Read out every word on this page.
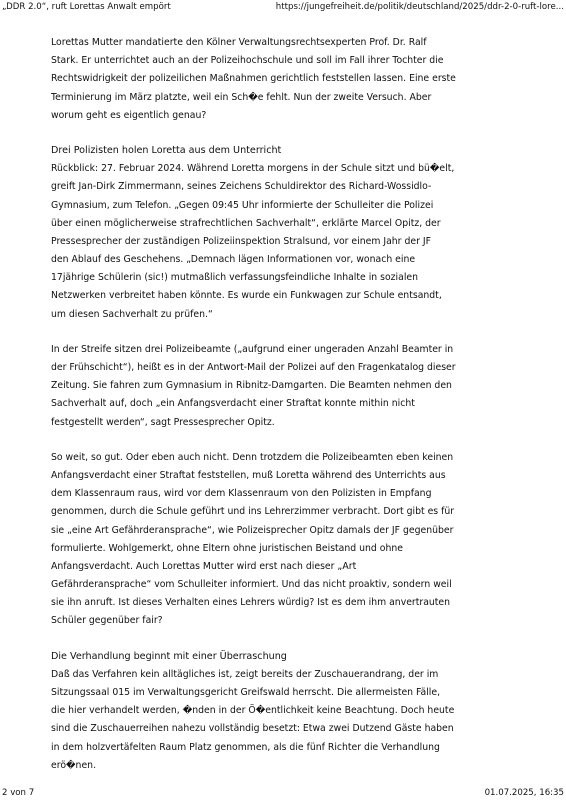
„DDR 2.0“, ruft Lorettas Anwalt empört	https://jungefreiheit.de/politik/deutschland/2025/ddr-2-0-ruft-lore...
Lorettas Mutter mandatierte den Kölner Verwaltungsrechtsexperten Prof. Dr. Ralf
Stark. Er unterrichtet auch an der Polizeihochschule und soll im Fall ihrer Tochter die
Rechtswidrigkeit der polizeilichen Maßnahmen gerichtlich feststellen lassen. Eine erste
Terminierung im März platzte, weil ein Sch�e fehlt. Nun der zweite Versuch. Aber
worum geht es eigentlich genau?
Drei Polizisten holen Loretta aus dem Unterricht
Rückblick: 27. Februar 2024. Während Loretta morgens in der Schule sitzt und bü�elt,
greift Jan-Dirk Zimmermann, seines Zeichens Schuldirektor des Richard-Wossidlo-
Gymnasium, zum Telefon. „Gegen 09:45 Uhr informierte der Schulleiter die Polizei
über einen möglicherweise strafrechtlichen Sachverhalt“, erklärte Marcel Opitz, der
Pressesprecher der zuständigen Polizeiinspektion Stralsund, vor einem Jahr der JF
den Ablauf des Geschehens. „Demnach lägen Informationen vor, wonach eine
17jährige Schülerin (sic!) mutmaßlich verfassungsfeindliche Inhalte in sozialen
Netzwerken verbreitet haben könnte. Es wurde ein Funkwagen zur Schule entsandt,
um diesen Sachverhalt zu prüfen.“
In der Streife sitzen drei Polizeibeamte („aufgrund einer ungeraden Anzahl Beamter in
der Frühschicht“), heißt es in der Antwort-Mail der Polizei auf den Fragenkatalog dieser
Zeitung. Sie fahren zum Gymnasium in Ribnitz-Damgarten. Die Beamten nehmen den
Sachverhalt auf, doch „ein Anfangsverdacht einer Straftat konnte mithin nicht
festgestellt werden“, sagt Pressesprecher Opitz.
So weit, so gut. Oder eben auch nicht. Denn trotzdem die Polizeibeamten eben keinen
Anfangsverdacht einer Straftat feststellen, muß Loretta während des Unterrichts aus
dem Klassenraum raus, wird vor dem Klassenraum von den Polizisten in Empfang
genommen, durch die Schule geführt und ins Lehrerzimmer verbracht. Dort gibt es für
sie „eine Art Gefährderansprache“, wie Polizeisprecher Opitz damals der JF gegenüber
formulierte. Wohlgemerkt, ohne Eltern ohne juristischen Beistand und ohne
Anfangsverdacht. Auch Lorettas Mutter wird erst nach dieser „Art
Gefährderansprache“ vom Schulleiter informiert. Und das nicht proaktiv, sondern weil
sie ihn anruft. Ist dieses Verhalten eines Lehrers würdig? Ist es dem ihm anvertrauten
Schüler gegenüber fair?
Die Verhandlung beginnt mit einer Überraschung
Daß das Verfahren kein alltägliches ist, zeigt bereits der Zuschauerandrang, der im
Sitzungssaal 015 im Verwaltungsgericht Greifswald herrscht. Die allermeisten Fälle,
die hier verhandelt werden, �nden in der Ö�entlichkeit keine Beachtung. Doch heute
sind die Zuschauerreihen nahezu vollständig besetzt: Etwa zwei Dutzend Gäste haben
in dem holzvertäfelten Raum Platz genommen, als die fünf Richter die Verhandlung
erö�nen.
2 von 7	01.07.2025, 16:35
